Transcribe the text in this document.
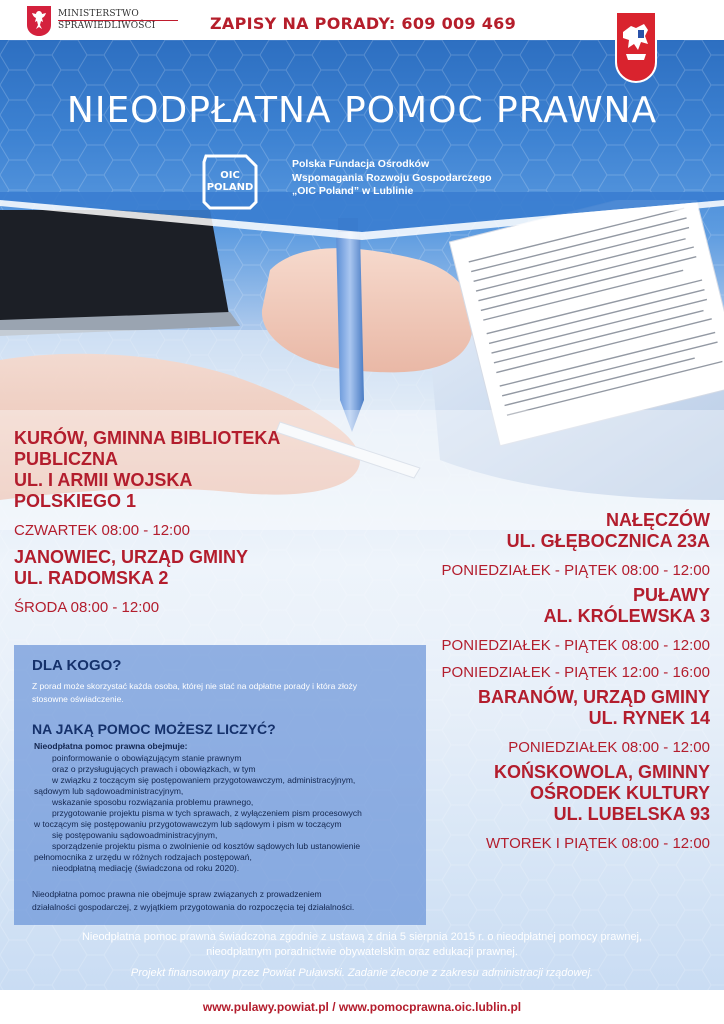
MINISTERSTWO
SPRAWIEDLIWOŚCI	ZAPISY NA PORADY: 609 009 469
NIEODPŁATNA POMOC PRAWNA
OIC
POLAND
Polska Fundacja Ośrodków
Wspomagania Rozwoju Gospodarczego
„OIC Poland” w Lublinie

KURÓW, GMINNA BIBLIOTEKA

PUBLICZNA

UL. I ARMII WOJSKA

POLSKIEGO 1

CZWARTEK 08:00 - 12:00

JANOWIEC, URZĄD GMINY

UL. RADOMSKA 2

ŚRODA 08:00 - 12:00

NAŁĘCZÓW

UL. GŁĘBOCZNICA 23A

PONIEDZIAŁEK - PIĄTEK 08:00 - 12:00

PUŁAWY

AL. KRÓLEWSKA 3

PONIEDZIAŁEK - PIĄTEK 08:00 - 12:00

PONIEDZIAŁEK - PIĄTEK 12:00 - 16:00

BARANÓW, URZĄD GMINY

UL. RYNEK 14

PONIEDZIAŁEK 08:00 - 12:00

KOŃSKOWOLA, GMINNY

OŚRODEK KULTURY

UL. LUBELSKA 93

WTOREK I PIĄTEK 08:00 - 12:00

DLA KOGO?

Z porad może skorzystać każda osoba, której nie stać na odpłatne porady i która złoży

stosowne oświadczenie.

NA JAKĄ POMOC MOŻESZ LICZYĆ?

Nieodpłatna pomoc prawna obejmuje:

poinformowanie o obowiązującym stanie prawnym
oraz o przysługujących prawach i obowiązkach, w tym
w związku z toczącym się postępowaniem przygotowawczym, administracyjnym,
sądowym lub sądowoadministracyjnym,
wskazanie sposobu rozwiązania problemu prawnego,
przygotowanie projektu pisma w tych sprawach, z wyłączeniem pism procesowych
w toczącym się postępowaniu przygotowawczym lub sądowym i pism w toczącym
się postępowaniu sądowoadministracyjnym,
sporządzenie projektu pisma o zwolnienie od kosztów sądowych lub ustanowienie
pełnomocnika z urzędu w różnych rodzajach postępowań,
nieodpłatną mediację (świadczona od roku 2020).

Nieodpłatna pomoc prawna nie obejmuje spraw związanych z prowadzeniem

działalności gospodarczej, z wyjątkiem przygotowania do rozpoczęcia tej działalności.

Nieodpłatna pomoc prawna świadczona zgodnie z ustawą z dnia 5 sierpnia 2015 r. o nieodpłatnej pomocy prawnej,
nieodpłatnym poradnictwie obywatelskim oraz edukacji prawnej.
Projekt finansowany przez Powiat Puławski. Zadanie zlecone z zakresu administracji rządowej.
www.pulawy.powiat.pl / www.pomocprawna.oic.lublin.pl
